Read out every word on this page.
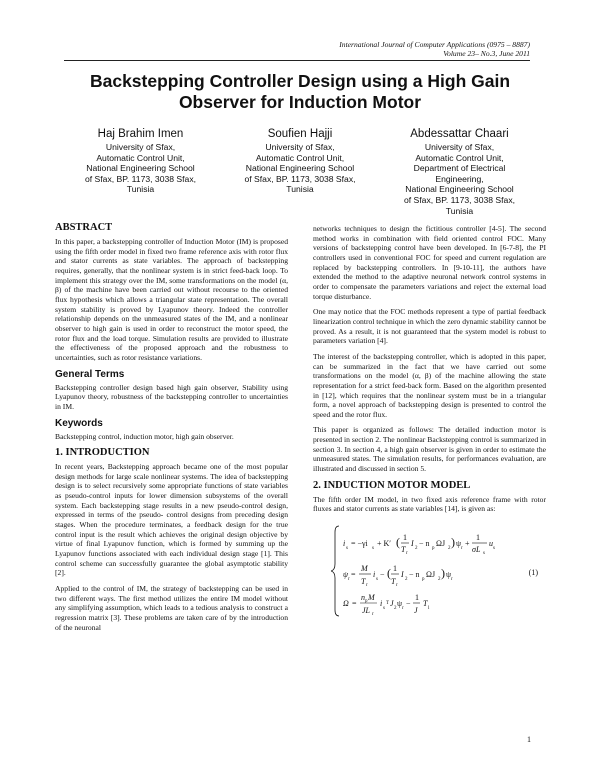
International Journal of Computer Applications (0975 – 8887)
Volume 23– No.3, June 2011
Backstepping Controller Design using a High Gain
Observer for Induction Motor
Haj Brahim Imen
University of Sfax,
Automatic Control Unit,
National Engineering School
of Sfax, BP. 1173, 3038 Sfax,
Tunisia
Soufien Hajji
University of Sfax,
Automatic Control Unit,
National Engineering School
of Sfax, BP. 1173, 3038 Sfax,
Tunisia
Abdessattar Chaari
University of Sfax,
Automatic Control Unit,
Department of Electrical
Engineering,
National Engineering School
of Sfax, BP. 1173, 3038 Sfax,
Tunisia
ABSTRACT

In this paper, a backstepping controller of Induction Motor (IM) is proposed using the fifth order model in fixed two frame reference axis with rotor flux and stator currents as state variables. The approach of backstepping requires, generally, that the nonlinear system is in strict feed-back loop. To implement this strategy over the IM, some transformations on the model (α, β) of the machine have been carried out without recourse to the oriented flux hypothesis which allows a triangular state representation. The overall system stability is proved by Lyapunov theory. Indeed the controller relationship depends on the unmeasured states of the IM, and a nonlinear observer to high gain is used in order to reconstruct the motor speed, the rotor flux and the load torque. Simulation results are provided to illustrate the effectiveness of the proposed approach and the robustness to uncertainties, such as rotor resistance variations.

General Terms

Backstepping controller design based high gain observer, Stability using Lyapunov theory, robustness of the backstepping controller to uncertainties in IM.

Keywords

Backstepping control, induction motor, high gain observer.

1. INTRODUCTION

In recent years, Backstepping approach became one of the most popular design methods for large scale nonlinear systems. The idea of backstepping design is to select recursively some appropriate functions of state variables as pseudo-control inputs for lower dimension subsystems of the overall system. Each backstepping stage results in a new pseudo-control design, expressed in terms of the pseudo- control designs from preceding design stages. When the procedure terminates, a feedback design for the true control input is the result which achieves the original design objective by virtue of final Lyapunov function, which is formed by summing up the Lyapunov functions associated with each individual design stage [1]. This control scheme can successfully guarantee the global asymptotic stability [2].

Applied to the control of IM, the strategy of backstepping can be used in two different ways. The first method utilizes the entire IM model without any simplifying assumption, which leads to a tedious analysis to construct a regression matrix [3]. These problems are taken care of by the introduction of the neuronal

networks techniques to design the fictitious controller [4-5]. The second method works in combination with field oriented control FOC. Many versions of backstepping control have been developed. In [6-7-8], the PI controllers used in conventional FOC for speed and current regulation are replaced by backstepping controllers. In [9-10-11], the authors have extended the method to the adaptive neuronal network control systems in order to compensate the parameters variations and reject the external load torque disturbance.

One may notice that the FOC methods represent a type of partial feedback linearization control technique in which the zero dynamic stability cannot be proved. As a result, it is not guaranteed that the system model is robust to parameters variation [4].

The interest of the backstepping controller, which is adopted in this paper, can be summarized in the fact that we have carried out some transformations on the model (α, β) of the machine allowing the state representation for a strict feed-back form. Based on the algorithm presented in [12], which requires that the nonlinear system must be in a triangular form, a novel approach of backstepping design is presented to control the speed and the rotor flux.

This paper is organized as follows: The detailed induction motor is presented in section 2. The nonlinear Backstepping control is summarized in section 3. In section 4, a high gain observer is given in order to estimate the unmeasured states. The simulation results, for performances evaluation, are illustrated and discussed in section 5.

2. INDUCTION MOTOR MODEL

The fifth order IM model, in two fixed axis reference frame with rotor fluxes and stator currents as state variables [14], is given as:

i
s
= −γi
s
+ K′ ( 1
T r
I
2
− n
p
ΩJ
2 ) ψ
r
+
1
σL s
u
s
ψ
r
=
M
T r
i
s
− ( 1
T r
I
2
− n
p
ΩJ
2 ) ψ
r
Ω =
n p M
JL r
i
s
T J
2
ψ
r
−
1
J
T
l
(1)
1
